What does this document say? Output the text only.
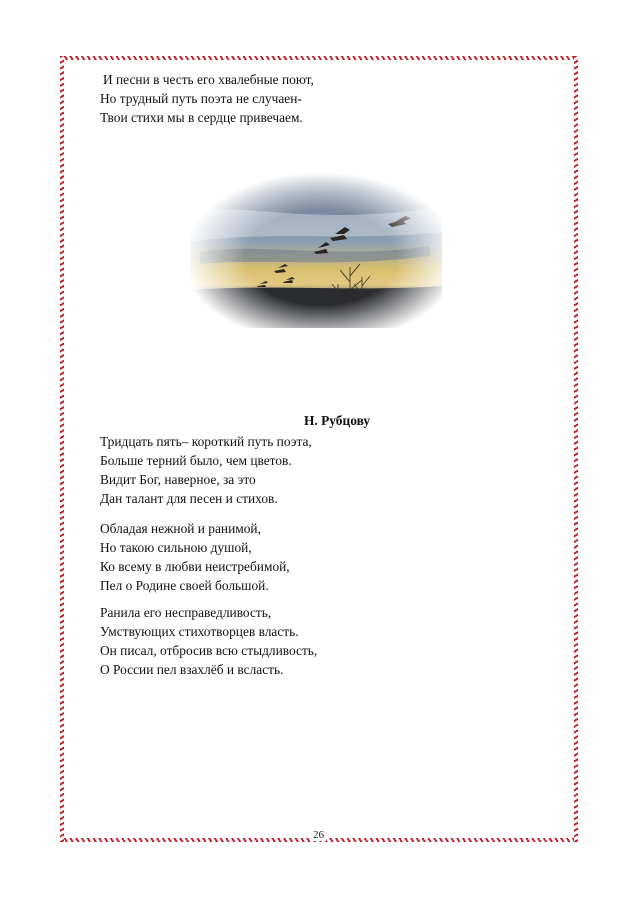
И песни в честь его хвалебные поют,
Но трудный путь поэта не случаен-
Твои стихи мы в сердце привечаем.
Н. Рубцову
Тридцать пять– короткий путь поэта,
Больше терний было, чем цветов.
Видит Бог, наверное, за это
Дан талант для песен и стихов.
Обладая нежной и ранимой,
Но такою сильною душой,
Ко всему в любви неистребимой,
Пел о Родине своей большой.
Ранила его несправедливость,
Умствующих стихотворцев власть.
Он писал, отбросив всю стыдливость,
О России пел взахлёб и всласть.
26
